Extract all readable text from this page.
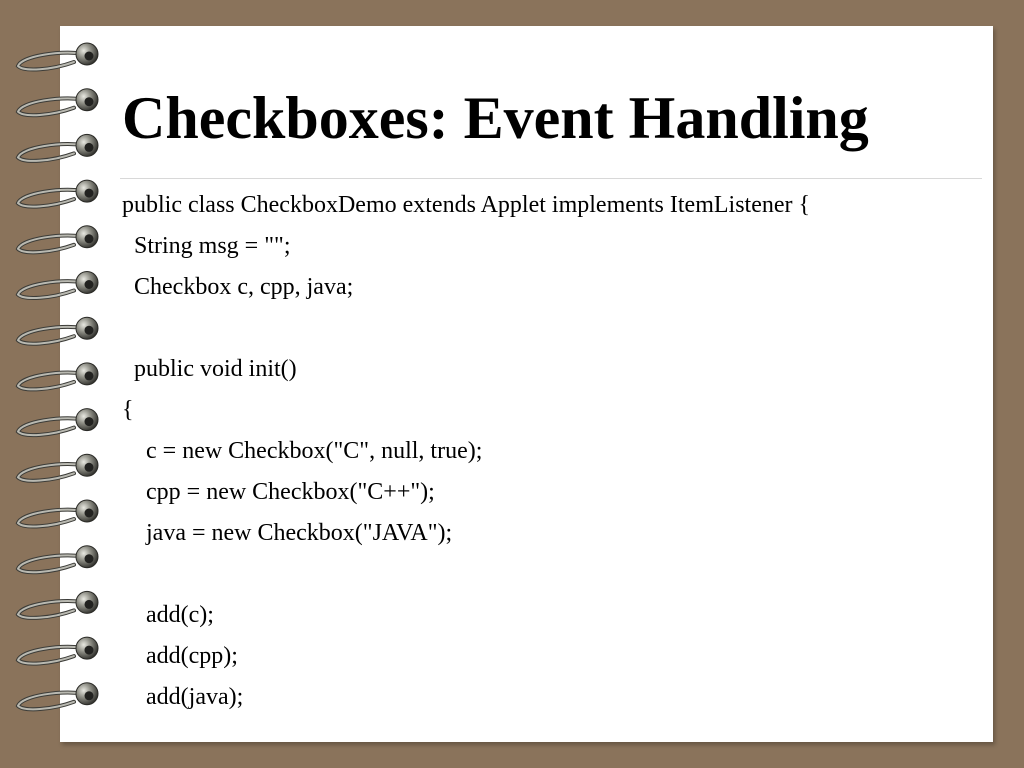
Checkboxes: Event Handling
public class CheckboxDemo extends Applet implements ItemListener {
String msg = "";
Checkbox c, cpp, java;
public void init()
{
c = new Checkbox("C", null, true);
cpp = new Checkbox("C++");
java = new Checkbox("JAVA");
add(c);
add(cpp);
add(java);
